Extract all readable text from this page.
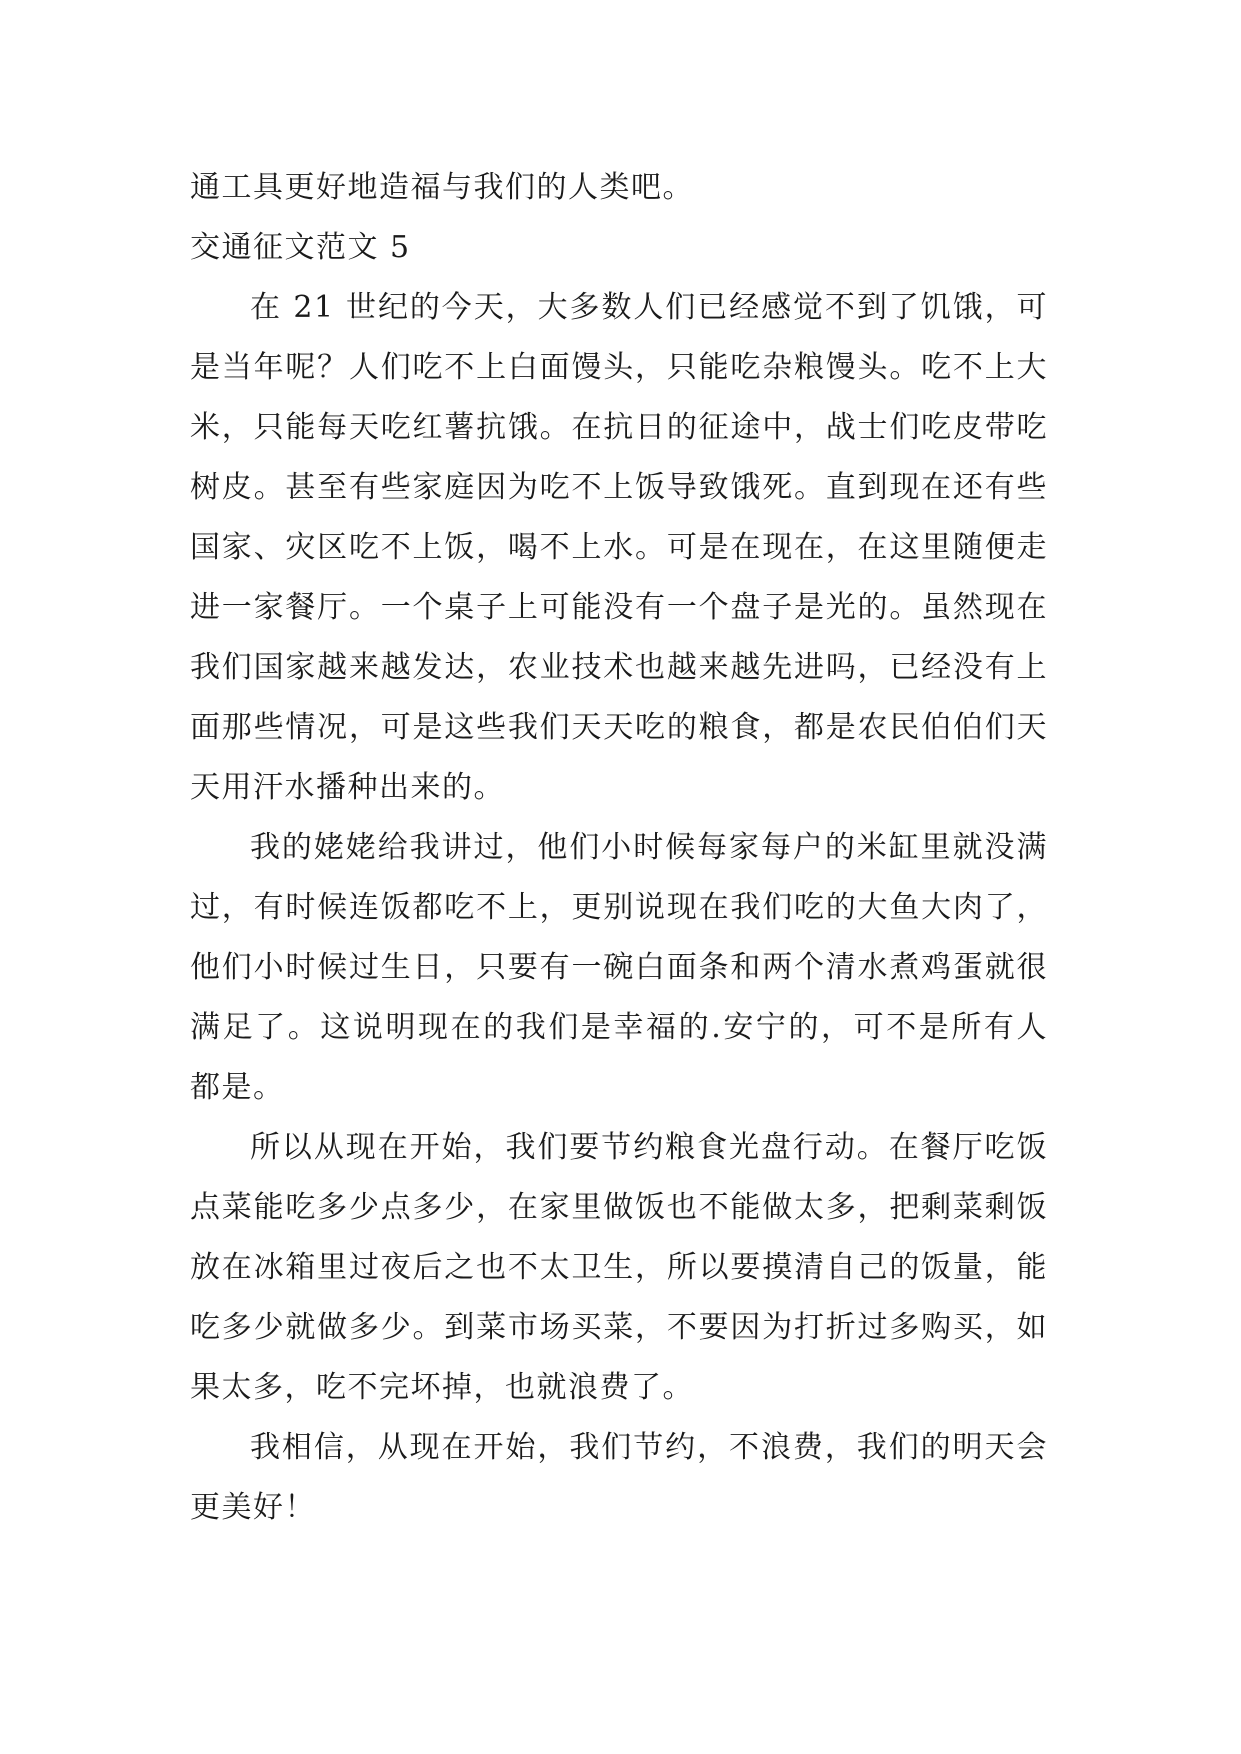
通工具更好地造福与我们的人类吧。

交通征文范文 5

在 21 世纪的今天，大多数人们已经感觉不到了饥饿，可是当年呢？人们吃不上白面馒头，只能吃杂粮馒头。吃不上大米，只能每天吃红薯抗饿。在抗日的征途中，战士们吃皮带吃树皮。甚至有些家庭因为吃不上饭导致饿死。直到现在还有些国家、灾区吃不上饭，喝不上水。可是在现在，在这里随便走进一家餐厅。一个桌子上可能没有一个盘子是光的。虽然现在我们国家越来越发达，农业技术也越来越先进吗，已经没有上面那些情况，可是这些我们天天吃的粮食，都是农民伯伯们天天用汗水播种出来的。

我的姥姥给我讲过，他们小时候每家每户的米缸里就没满过，有时候连饭都吃不上，更别说现在我们吃的大鱼大肉了，他们小时候过生日，只要有一碗白面条和两个清水煮鸡蛋就很满足了。这说明现在的我们是幸福的.安宁的，可不是所有人都是。

所以从现在开始，我们要节约粮食光盘行动。在餐厅吃饭点菜能吃多少点多少，在家里做饭也不能做太多，把剩菜剩饭放在冰箱里过夜后之也不太卫生，所以要摸清自己的饭量，能吃多少就做多少。到菜市场买菜，不要因为打折过多购买，如果太多，吃不完坏掉，也就浪费了。

我相信，从现在开始，我们节约，不浪费，我们的明天会更美好！
